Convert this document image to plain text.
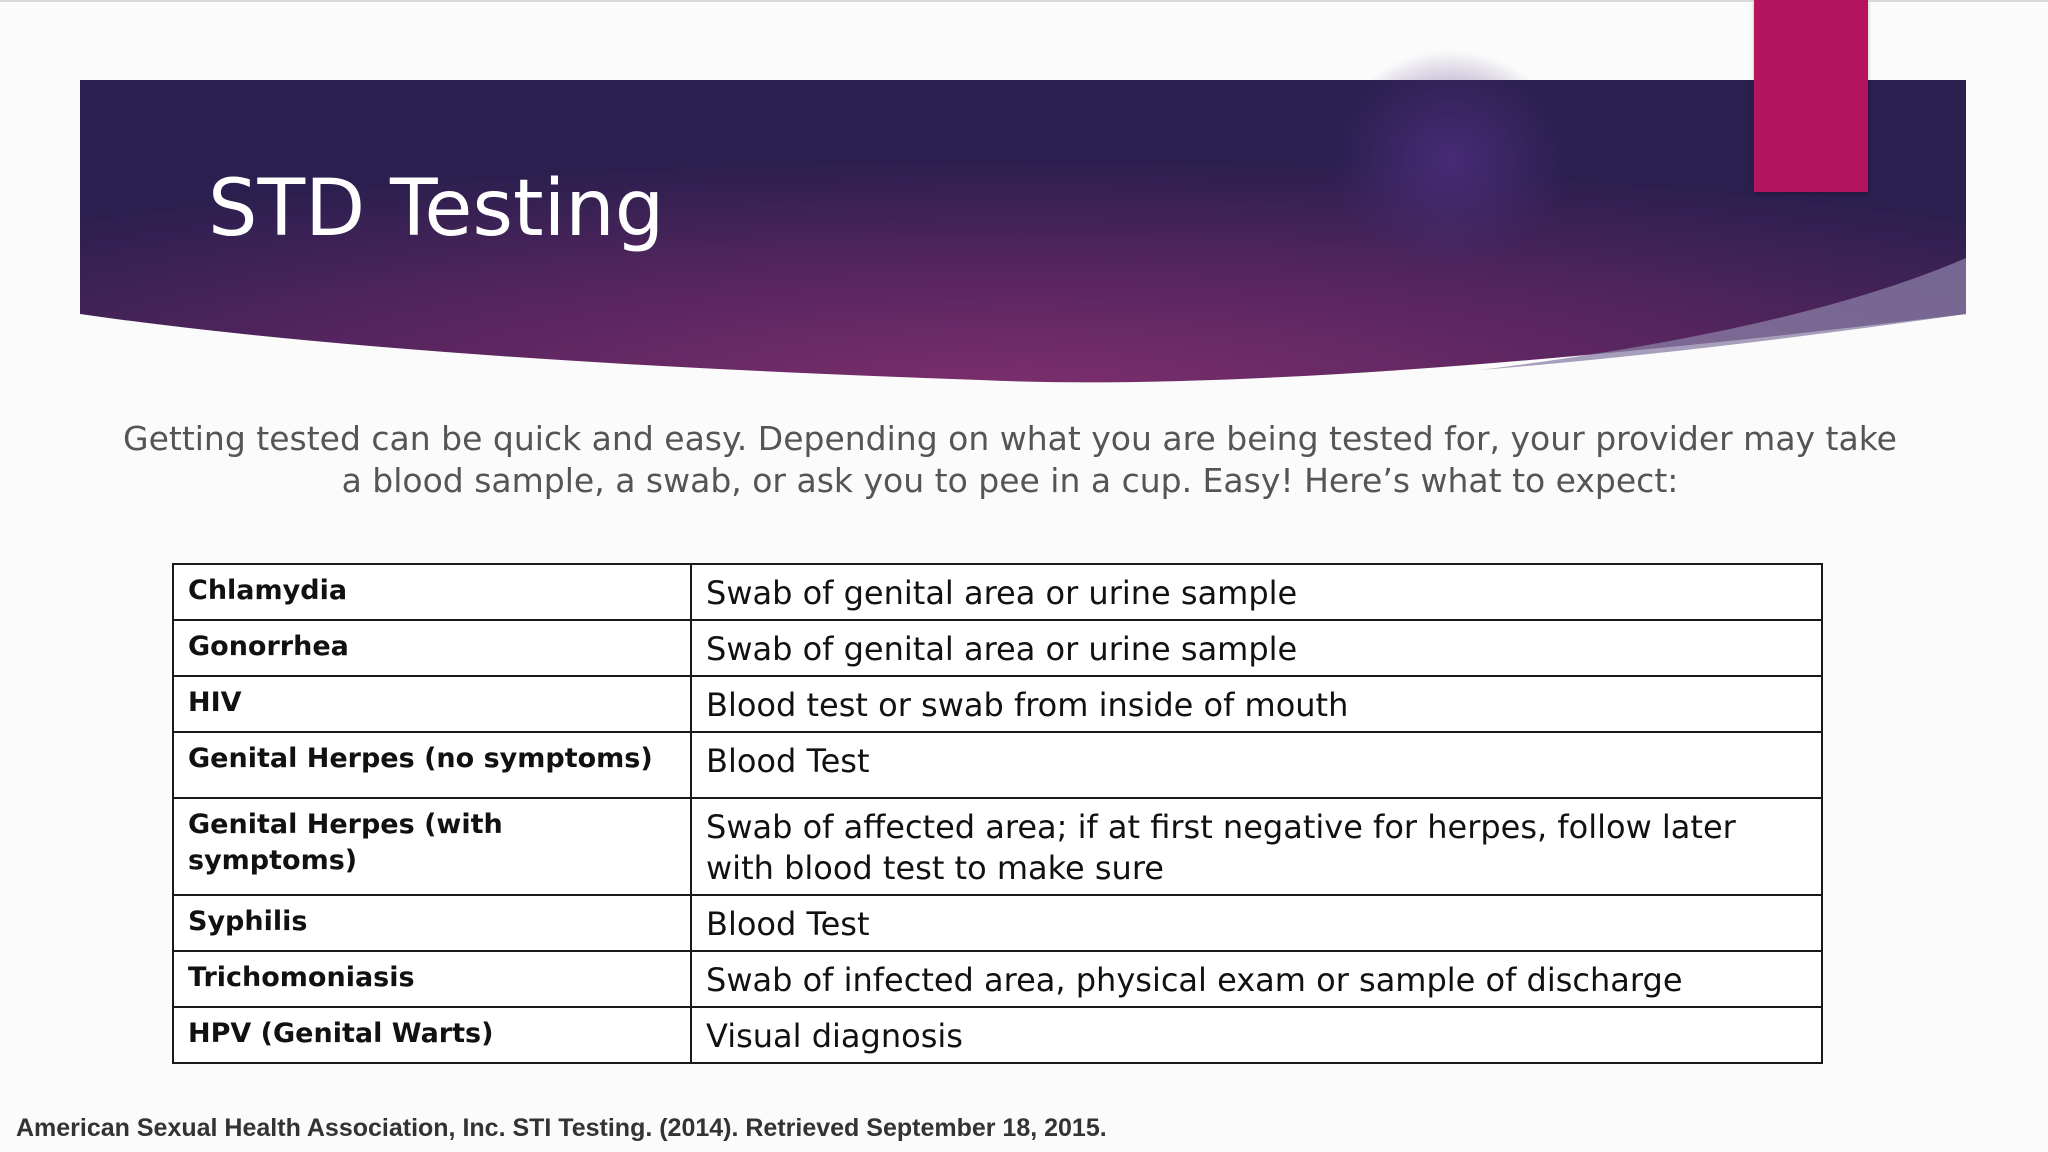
STD Testing

Getting tested can be quick and easy. Depending on what you are being tested for, your provider may take a blood sample, a swab, or ask you to pee in a cup. Easy! Here’s what to expect:

Chlamydia	Swab of genital area or urine sample
Gonorrhea	Swab of genital area or urine sample
HIV	Blood test or swab from inside of mouth
Genital Herpes (no symptoms)	Blood Test
Genital Herpes (with symptoms)	Swab of affected area; if at first negative for herpes, follow later with blood test to make sure
Syphilis	Blood Test
Trichomoniasis	Swab of infected area, physical exam or sample of discharge
HPV (Genital Warts)	Visual diagnosis

American Sexual Health Association, Inc. STI Testing. (2014). Retrieved September 18, 2015.
